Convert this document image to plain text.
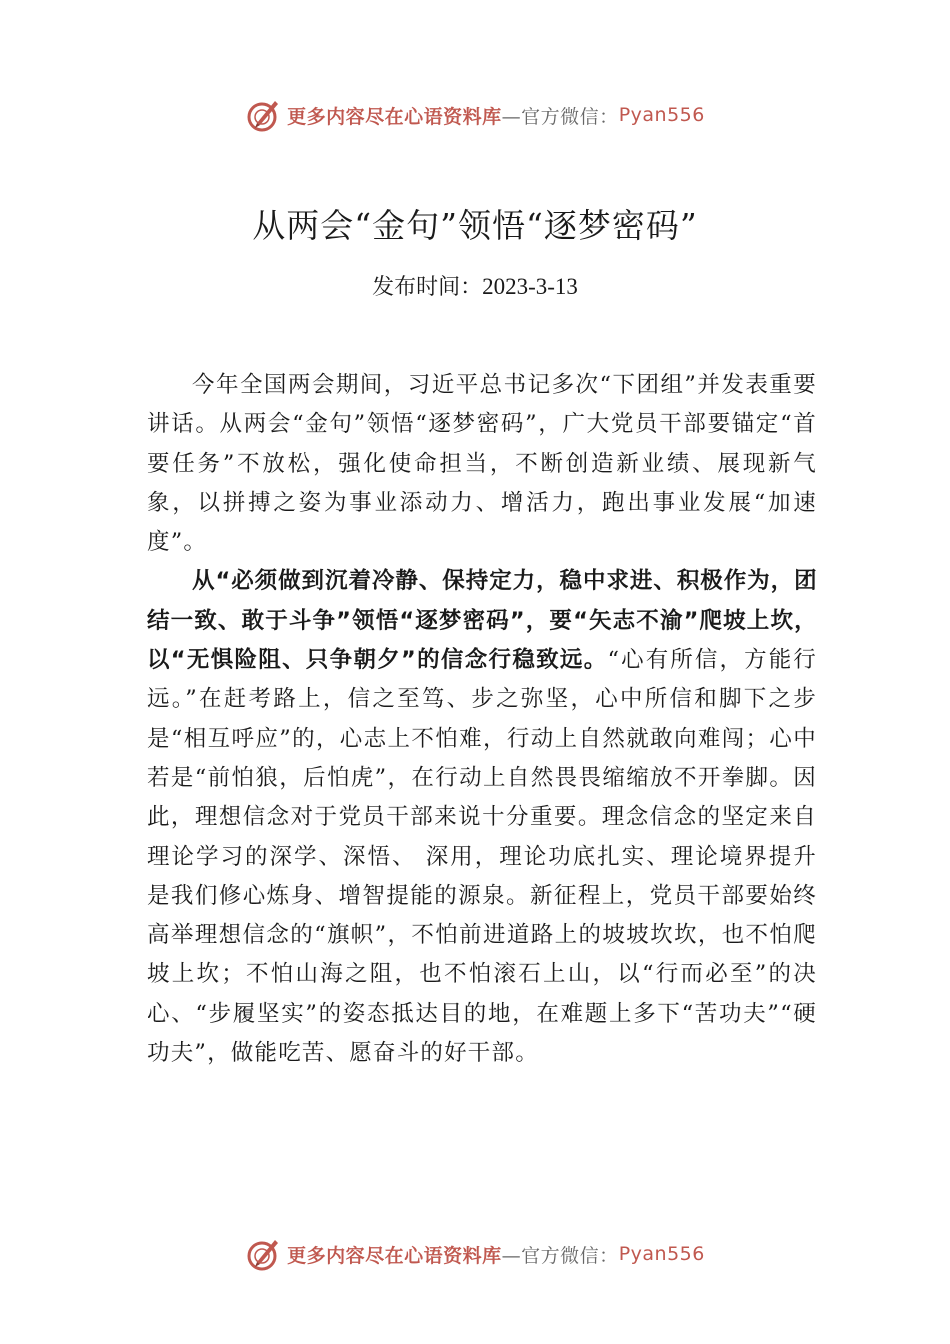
更多内容尽在心语资料库 —官方微信： Pyan556
从两会“金句”领悟“逐梦密码”
发布时间：2023-3-13

今年全国两会期间，习近平总书记多次“下团组”并发表重要讲话。从两会“金句”领悟“逐梦密码”，广大党员干部要锚定“首要任务”不放松，强化使命担当，不断创造新业绩、展现新气象，以拼搏之姿为事业添动力、增活力，跑出事业发展“加速度”。

从“必须做到沉着冷静、保持定力，稳中求进、积极作为，团结一致、敢于斗争”领悟“逐梦密码”，要“矢志不渝”爬坡上坎，以“无惧险阻、只争朝夕”的信念行稳致远。“心有所信，方能行远。”在赶考路上，信之至笃、步之弥坚，心中所信和脚下之步是“相互呼应”的，心志上不怕难，行动上自然就敢向难闯；心中若是“前怕狼，后怕虎”，在行动上自然畏畏缩缩放不开拳脚。因此，理想信念对于党员干部来说十分重要。理念信念的坚定来自理论学习的深学、深悟、 深用，理论功底扎实、理论境界提升是我们修心炼身、增智提能的源泉。新征程上，党员干部要始终高举理想信念的“旗帜”，不怕前进道路上的坡坡坎坎，也不怕爬坡上坎；不怕山海之阻，也不怕滚石上山，以“行而必至”的决心、“步履坚实”的姿态抵达目的地，在难题上多下“苦功夫”“硬功夫”，做能吃苦、愿奋斗的好干部。

更多内容尽在心语资料库 —官方微信： Pyan556
